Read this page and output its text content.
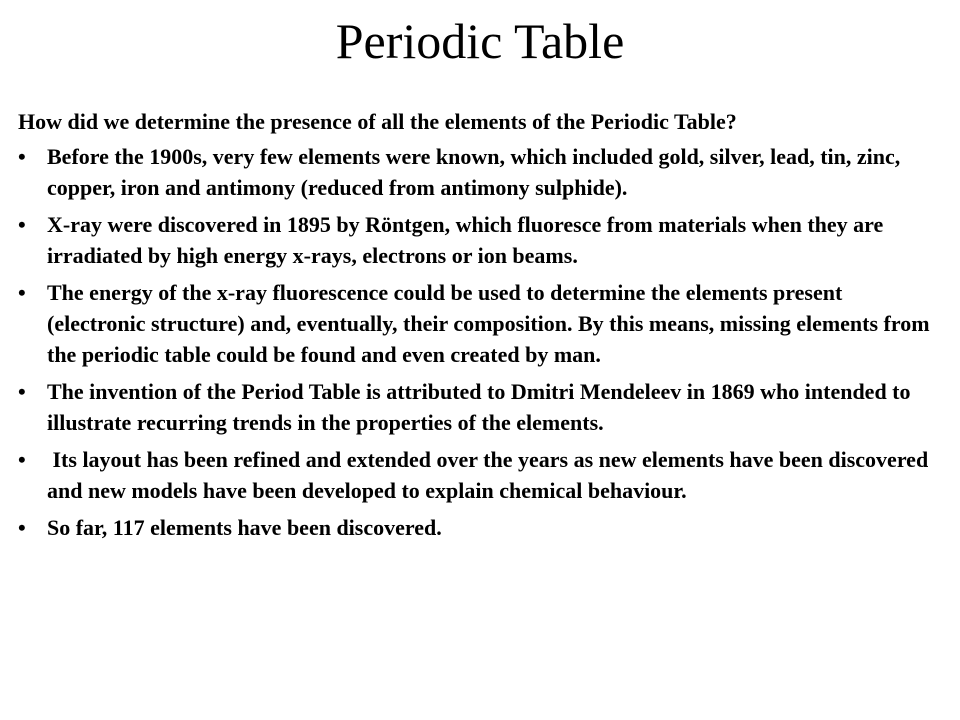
Periodic Table

How did we determine the presence of all the elements of the Periodic Table?

• Before the 1900s, very few elements were known, which included gold, silver, lead, tin, zinc, copper, iron and antimony (reduced from antimony sulphide).
• X-ray were discovered in 1895 by Röntgen, which fluoresce from materials when they are irradiated by high energy x-rays, electrons or ion beams.
• The energy of the x-ray fluorescence could be used to determine the elements present (electronic structure) and, eventually, their composition. By this means, missing elements from the periodic table could be found and even created by man.
• The invention of the Period Table is attributed to Dmitri Mendeleev in 1869 who intended to illustrate recurring trends in the properties of the elements.
• Its layout has been refined and extended over the years as new elements have been discovered and new models have been developed to explain chemical behaviour.
• So far, 117 elements have been discovered.
